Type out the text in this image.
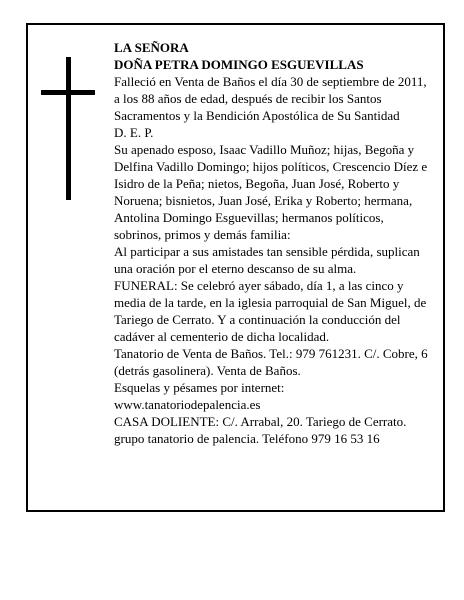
LA SEÑORA

DOÑA PETRA DOMINGO ESGUEVILLAS

Falleció en Venta de Baños el día 30 de septiembre de 2011, a los 88 años de edad, después de recibir los Santos Sacramentos y la Bendición Apostólica de Su Santidad

D. E. P.

Su apenado esposo, Isaac Vadillo Muñoz; hijas, Begoña y Delfina Vadillo Domingo; hijos políticos, Crescencio Díez e Isidro de la Peña; nietos, Begoña, Juan José, Roberto y Noruena; bisnietos, Juan José, Erika y Roberto; hermana, Antolina Domingo Esguevillas; hermanos políticos, sobrinos, primos y demás familia:

Al participar a sus amistades tan sensible pérdida, suplican una oración por el eterno descanso de su alma.

FUNERAL: Se celebró ayer sábado, día 1, a las cinco y media de la tarde, en la iglesia parroquial de San Miguel, de Tariego de Cerrato. Y a continuación la conducción del cadáver al cementerio de dicha localidad.

Tanatorio de Venta de Baños. Tel.: 979 761231. C/. Cobre, 6 (detrás gasolinera). Venta de Baños.

Esquelas y pésames por internet:

www.tanatoriodepalencia.es

CASA DOLIENTE: C/. Arrabal, 20. Tariego de Cerrato.

grupo tanatorio de palencia. Teléfono 979 16 53 16
